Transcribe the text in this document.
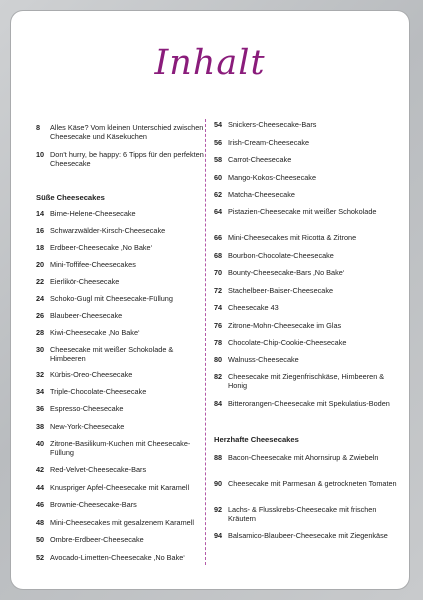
Inhalt
8	Alles Käse? Vom kleinen Unterschied zwischen Cheesecake und Käsekuchen
10 Don't hurry, be happy: 6 Tipps für den perfekten Cheesecake
Süße Cheesecakes
14 Birne-Helene-Cheesecake
16 Schwarzwälder-Kirsch-Cheesecake
18 Erdbeer-Cheesecake ‚No Bake‘
20 Mini-Toffifee-Cheesecakes
22 Eierlikör-Cheesecake
24 Schoko-Gugl mit Cheesecake-Füllung
26 Blaubeer-Cheesecake
28 Kiwi-Cheesecake ‚No Bake‘
30 Cheesecake mit weißer Schokolade & Himbeeren
32 Kürbis-Oreo-Cheesecake
34 Triple-Chocolate-Cheesecake
36 Espresso-Cheesecake
38 New-York-Cheesecake
40 Zitrone-Basilikum-Kuchen mit Cheesecake-Füllung
42 Red-Velvet-Cheesecake-Bars
44 Knuspriger Apfel-Cheesecake mit Karamell
46 Brownie-Cheesecake-Bars
48 Mini-Cheesecakes mit gesalzenem Karamell
50 Ombre-Erdbeer-Cheesecake
52 Avocado-Limetten-Cheesecake ‚No Bake‘
54 Snickers-Cheesecake-Bars
56 Irish-Cream-Cheesecake
58 Carrot-Cheesecake
60 Mango-Kokos-Cheesecake
62 Matcha-Cheesecake
64 Pistazien-Cheesecake mit weißer Schokolade
66 Mini-Cheesecakes mit Ricotta & Zitrone
68 Bourbon-Chocolate-Cheesecake
70 Bounty-Cheesecake-Bars ‚No Bake‘
72 Stachelbeer-Baiser-Cheesecake
74 Cheesecake 43
76 Zitrone-Mohn-Cheesecake im Glas
78 Chocolate-Chip-Cookie-Cheesecake
80 Walnuss-Cheesecake
82 Cheesecake mit Ziegenfrischkäse, Himbeeren & Honig
84 Bitterorangen-Cheesecake mit Spekulatius-Boden
Herzhafte Cheesecakes
88 Bacon-Cheesecake mit Ahornsirup & Zwiebeln
90 Cheesecake mit Parmesan & getrockneten Tomaten
92 Lachs- & Flusskrebs-Cheesecake mit frischen Kräutern
94 Balsamico-Blaubeer-Cheesecake mit Ziegenkäse
